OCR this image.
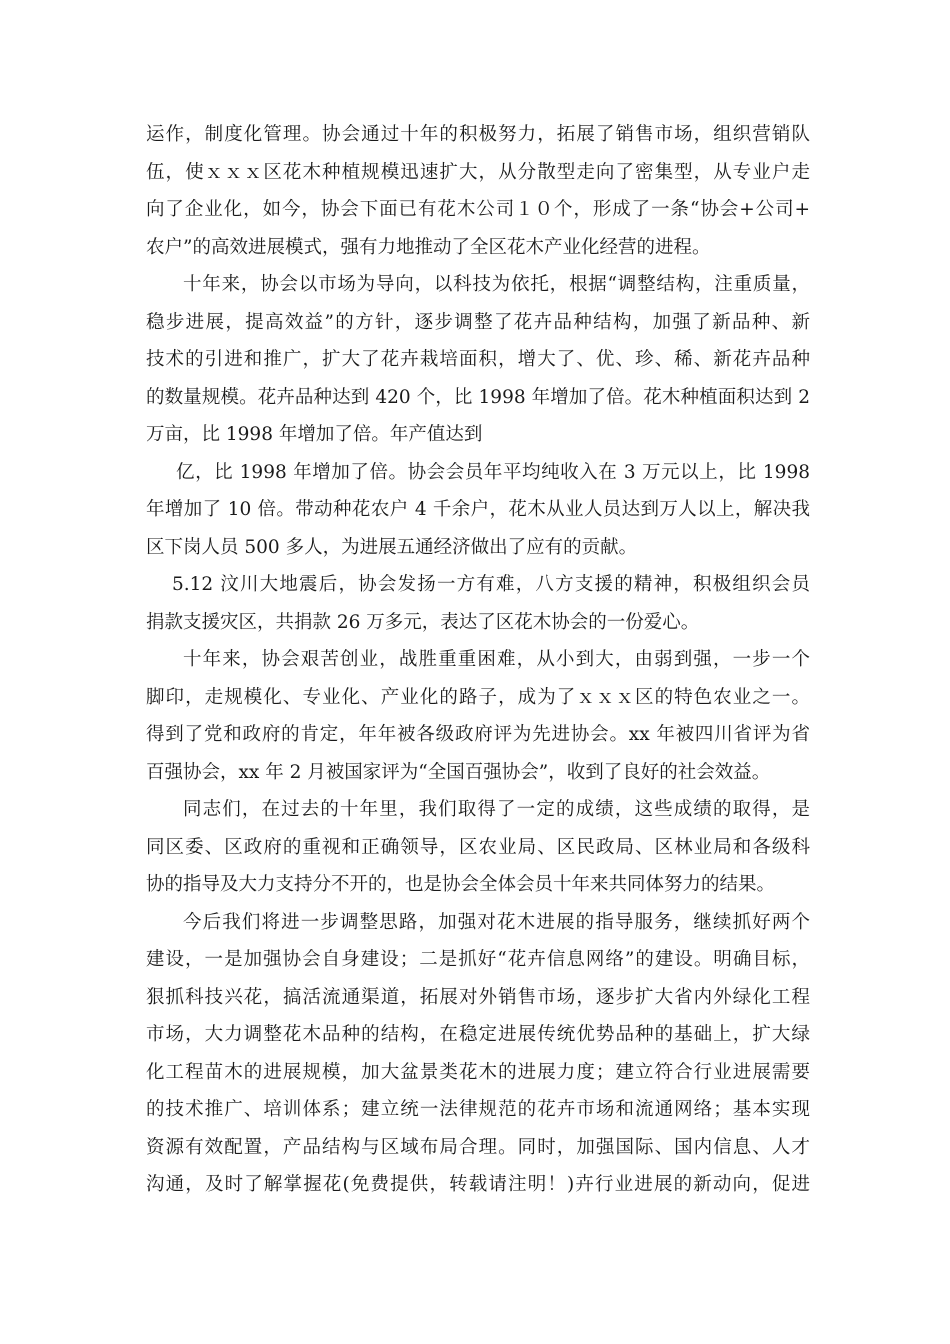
运作，制度化管理。协会通过十年的积极努力，拓展了销售市场，组织营销队
伍，使ｘｘｘ区花木种植规模迅速扩大，从分散型走向了密集型，从专业户走
向了企业化，如今，协会下面已有花木公司１０个，形成了一条“协会+公司+
农户”的高效进展模式，强有力地推动了全区花木产业化经营的进程。
十年来，协会以市场为导向，以科技为依托，根据“调整结构，注重质量，
稳步进展，提高效益”的方针，逐步调整了花卉品种结构，加强了新品种、新
技术的引进和推广，扩大了花卉栽培面积，增大了、优、珍、稀、新花卉品种
的数量规模。花卉品种达到 420 个，比 1998 年增加了倍。花木种植面积达到 2
万亩，比 1998 年增加了倍。年产值达到
亿，比 1998 年增加了倍。协会会员年平均纯收入在 3 万元以上，比 1998
年增加了 10 倍。带动种花农户 4 千余户，花木从业人员达到万人以上，解决我
区下岗人员 500 多人，为进展五通经济做出了应有的贡献。
5.12 汶川大地震后，协会发扬一方有难，八方支援的精神，积极组织会员
捐款支援灾区，共捐款 26 万多元，表达了区花木协会的一份爱心。
十年来，协会艰苦创业，战胜重重困难，从小到大，由弱到强，一步一个
脚印，走规模化、专业化、产业化的路子，成为了ｘｘｘ区的特色农业之一。
得到了党和政府的肯定，年年被各级政府评为先进协会。xx 年被四川省评为省
百强协会，xx 年 2 月被国家评为“全国百强协会”，收到了良好的社会效益。
同志们，在过去的十年里，我们取得了一定的成绩，这些成绩的取得，是
同区委、区政府的重视和正确领导，区农业局、区民政局、区林业局和各级科
协的指导及大力支持分不开的，也是协会全体会员十年来共同体努力的结果。
今后我们将进一步调整思路，加强对花木进展的指导服务，继续抓好两个
建设，一是加强协会自身建设；二是抓好“花卉信息网络”的建设。明确目标，
狠抓科技兴花，搞活流通渠道，拓展对外销售市场，逐步扩大省内外绿化工程
市场，大力调整花木品种的结构，在稳定进展传统优势品种的基础上，扩大绿
化工程苗木的进展规模，加大盆景类花木的进展力度；建立符合行业进展需要
的技术推广、培训体系；建立统一法律规范的花卉市场和流通网络；基本实现
资源有效配置，产品结构与区域布局合理。同时，加强国际、国内信息、人才
沟通，及时了解掌握花(免费提供，转载请注明！)卉行业进展的新动向，促进
